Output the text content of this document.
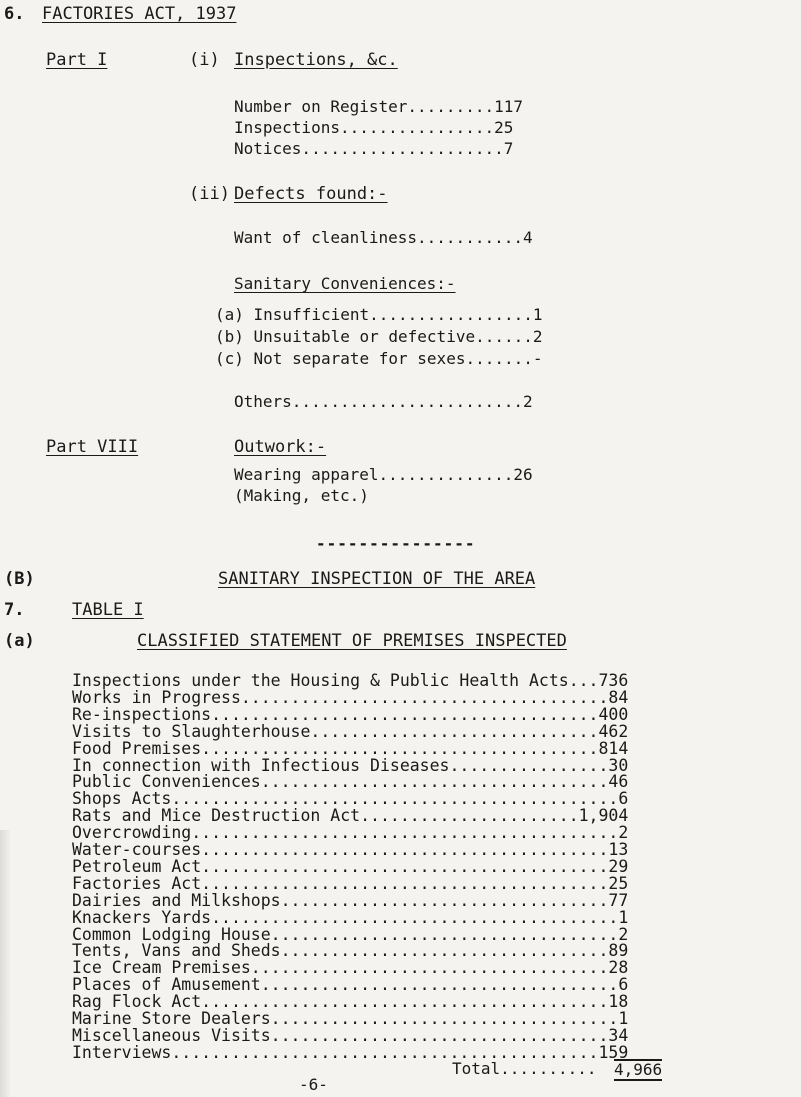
6. FACTORIES ACT, 1937
Part I	(i) Inspections, &c.
Number on Register.........117
Inspections................25
Notices.....................7
(ii) Defects found:-
Want of cleanliness...........4
Sanitary Conveniences:-
(a) Insufficient.................1
(b) Unsuitable or defective......2
(c) Not separate for sexes.......-
Others........................2
Part VIII	Outwork:-
Wearing apparel..............26
(Making, etc.)
---------------
(B)	SANITARY INSPECTION OF THE AREA
7.	TABLE I
(a)	CLASSIFIED STATEMENT OF PREMISES INSPECTED
Inspections under the Housing & Public Health Acts...736
Works in Progress.....................................84
Re-inspections.......................................400
Visits to Slaughterhouse.............................462
Food Premises........................................814
In connection with Infectious Diseases................30
Public Conveniences...................................46
Shops Acts.............................................6
Rats and Mice Destruction Act......................1,904
Overcrowding...........................................2
Water-courses.........................................13
Petroleum Act.........................................29
Factories Act.........................................25
Dairies and Milkshops.................................77
Knackers Yards.........................................1
Common Lodging House...................................2
Tents, Vans and Sheds.................................89
Ice Cream Premises....................................28
Places of Amusement....................................6
Rag Flock Act.........................................18
Marine Store Dealers...................................1
Miscellaneous Visits..................................34
Interviews...........................................159
Total.......... 4,966
-6-
